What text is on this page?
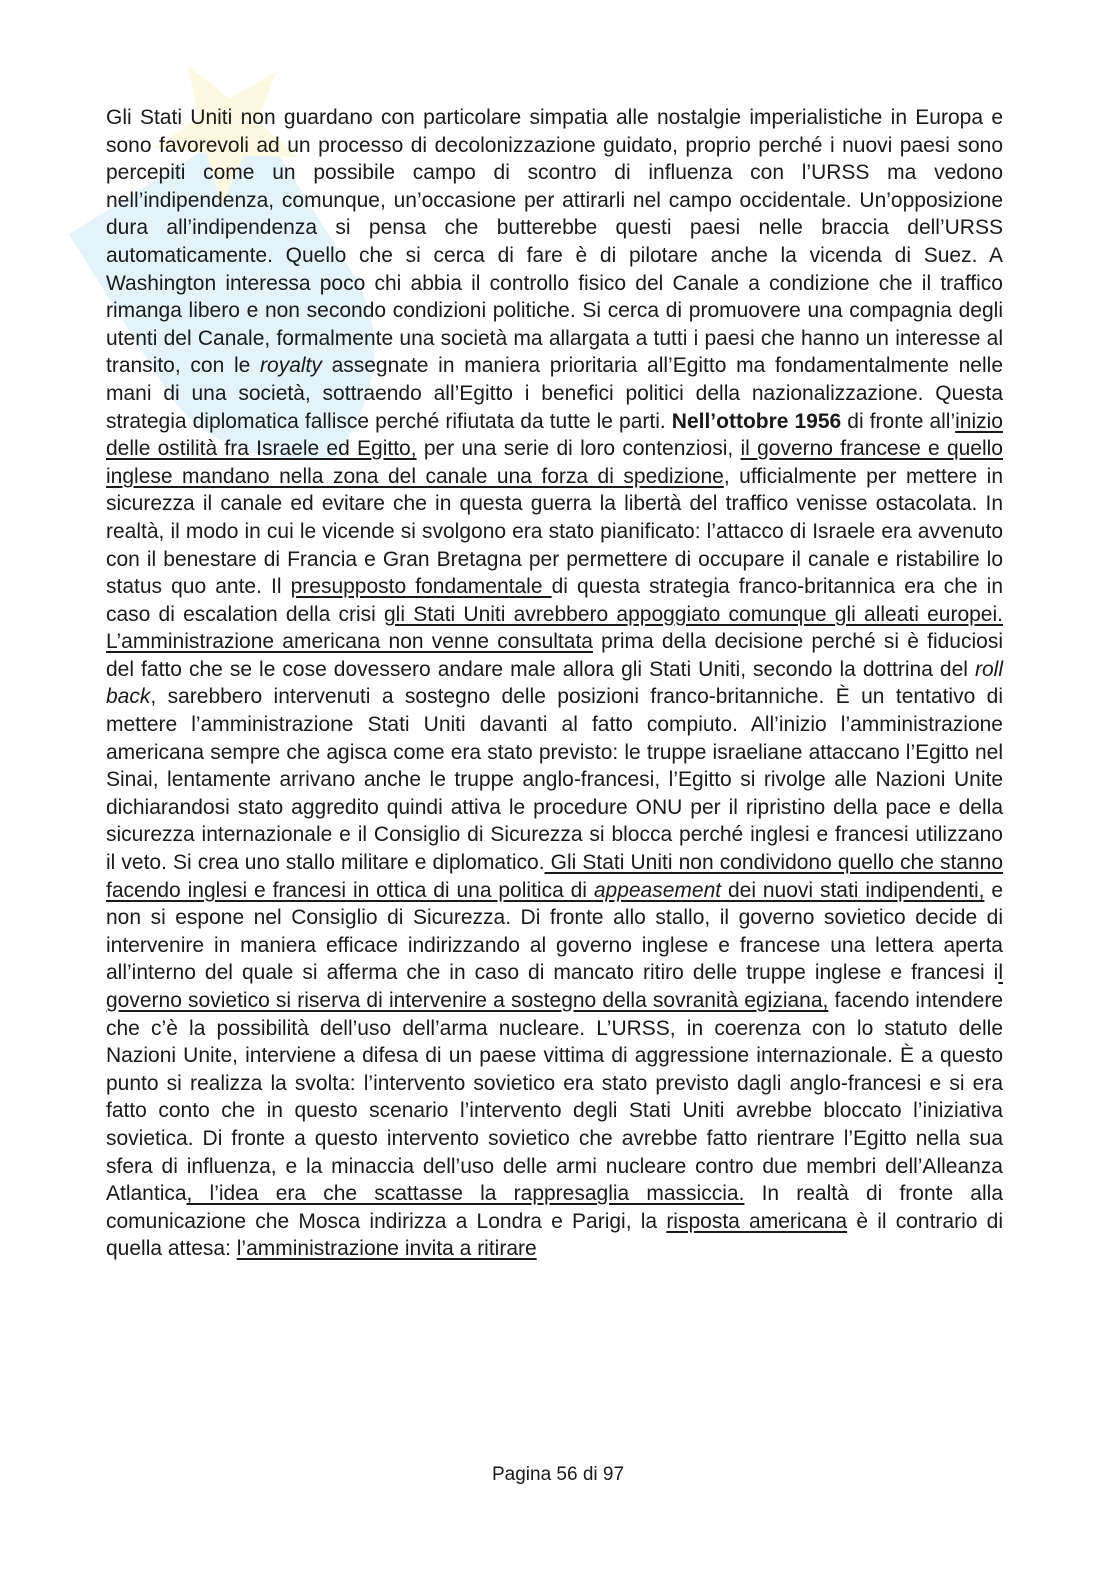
Gli Stati Uniti non guardano con particolare simpatia alle nostalgie imperialistiche in Europa e sono favorevoli ad un processo di decolonizzazione guidato, proprio perché i nuovi paesi sono percepiti come un possibile campo di scontro di influenza con l’URSS ma vedono nell’indipendenza, comunque, un’occasione per attirarli nel campo occidentale. Un’opposizione dura all’indipendenza si pensa che butterebbe questi paesi nelle braccia dell’URSS automaticamente. Quello che si cerca di fare è di pilotare anche la vicenda di Suez. A Washington interessa poco chi abbia il controllo fisico del Canale a condizione che il traffico rimanga libero e non secondo condizioni politiche. Si cerca di promuovere una compagnia degli utenti del Canale, formalmente una società ma allargata a tutti i paesi che hanno un interesse al transito, con le royalty assegnate in maniera prioritaria all’Egitto ma fondamentalmente nelle mani di una società, sottraendo all’Egitto i benefici politici della nazionalizzazione. Questa strategia diplomatica fallisce perché rifiutata da tutte le parti. Nell’ottobre 1956 di fronte all’inizio delle ostilità fra Israele ed Egitto, per una serie di loro contenziosi, il governo francese e quello inglese mandano nella zona del canale una forza di spedizione, ufficialmente per mettere in sicurezza il canale ed evitare che in questa guerra la libertà del traffico venisse ostacolata. In realtà, il modo in cui le vicende si svolgono era stato pianificato: l’attacco di Israele era avvenuto con il benestare di Francia e Gran Bretagna per permettere di occupare il canale e ristabilire lo status quo ante. Il presupposto fondamentale di questa strategia franco-britannica era che in caso di escalation della crisi gli Stati Uniti avrebbero appoggiato comunque gli alleati europei. L’amministrazione americana non venne consultata prima della decisione perché si è fiduciosi del fatto che se le cose dovessero andare male allora gli Stati Uniti, secondo la dottrina del roll back, sarebbero intervenuti a sostegno delle posizioni franco-britanniche. È un tentativo di mettere l’amministrazione Stati Uniti davanti al fatto compiuto. All’inizio l’amministrazione americana sempre che agisca come era stato previsto: le truppe israeliane attaccano l’Egitto nel Sinai, lentamente arrivano anche le truppe anglo-francesi, l’Egitto si rivolge alle Nazioni Unite dichiarandosi stato aggredito quindi attiva le procedure ONU per il ripristino della pace e della sicurezza internazionale e il Consiglio di Sicurezza si blocca perché inglesi e francesi utilizzano il veto. Si crea uno stallo militare e diplomatico. Gli Stati Uniti non condividono quello che stanno facendo inglesi e francesi in ottica di una politica di appeasement dei nuovi stati indipendenti, e non si espone nel Consiglio di Sicurezza. Di fronte allo stallo, il governo sovietico decide di intervenire in maniera efficace indirizzando al governo inglese e francese una lettera aperta all’interno del quale si afferma che in caso di mancato ritiro delle truppe inglese e francesi il governo sovietico si riserva di intervenire a sostegno della sovranità egiziana, facendo intendere che c’è la possibilità dell’uso dell’arma nucleare. L’URSS, in coerenza con lo statuto delle Nazioni Unite, interviene a difesa di un paese vittima di aggressione internazionale. È a questo punto si realizza la svolta: l’intervento sovietico era stato previsto dagli anglo-francesi e si era fatto conto che in questo scenario l’intervento degli Stati Uniti avrebbe bloccato l’iniziativa sovietica. Di fronte a questo intervento sovietico che avrebbe fatto rientrare l’Egitto nella sua sfera di influenza, e la minaccia dell’uso delle armi nucleare contro due membri dell’Alleanza Atlantica, l’idea era che scattasse la rappresaglia massiccia. In realtà di fronte alla comunicazione che Mosca indirizza a Londra e Parigi, la risposta americana è il contrario di quella attesa: l’amministrazione invita a ritirare

Pagina 56 di 97
